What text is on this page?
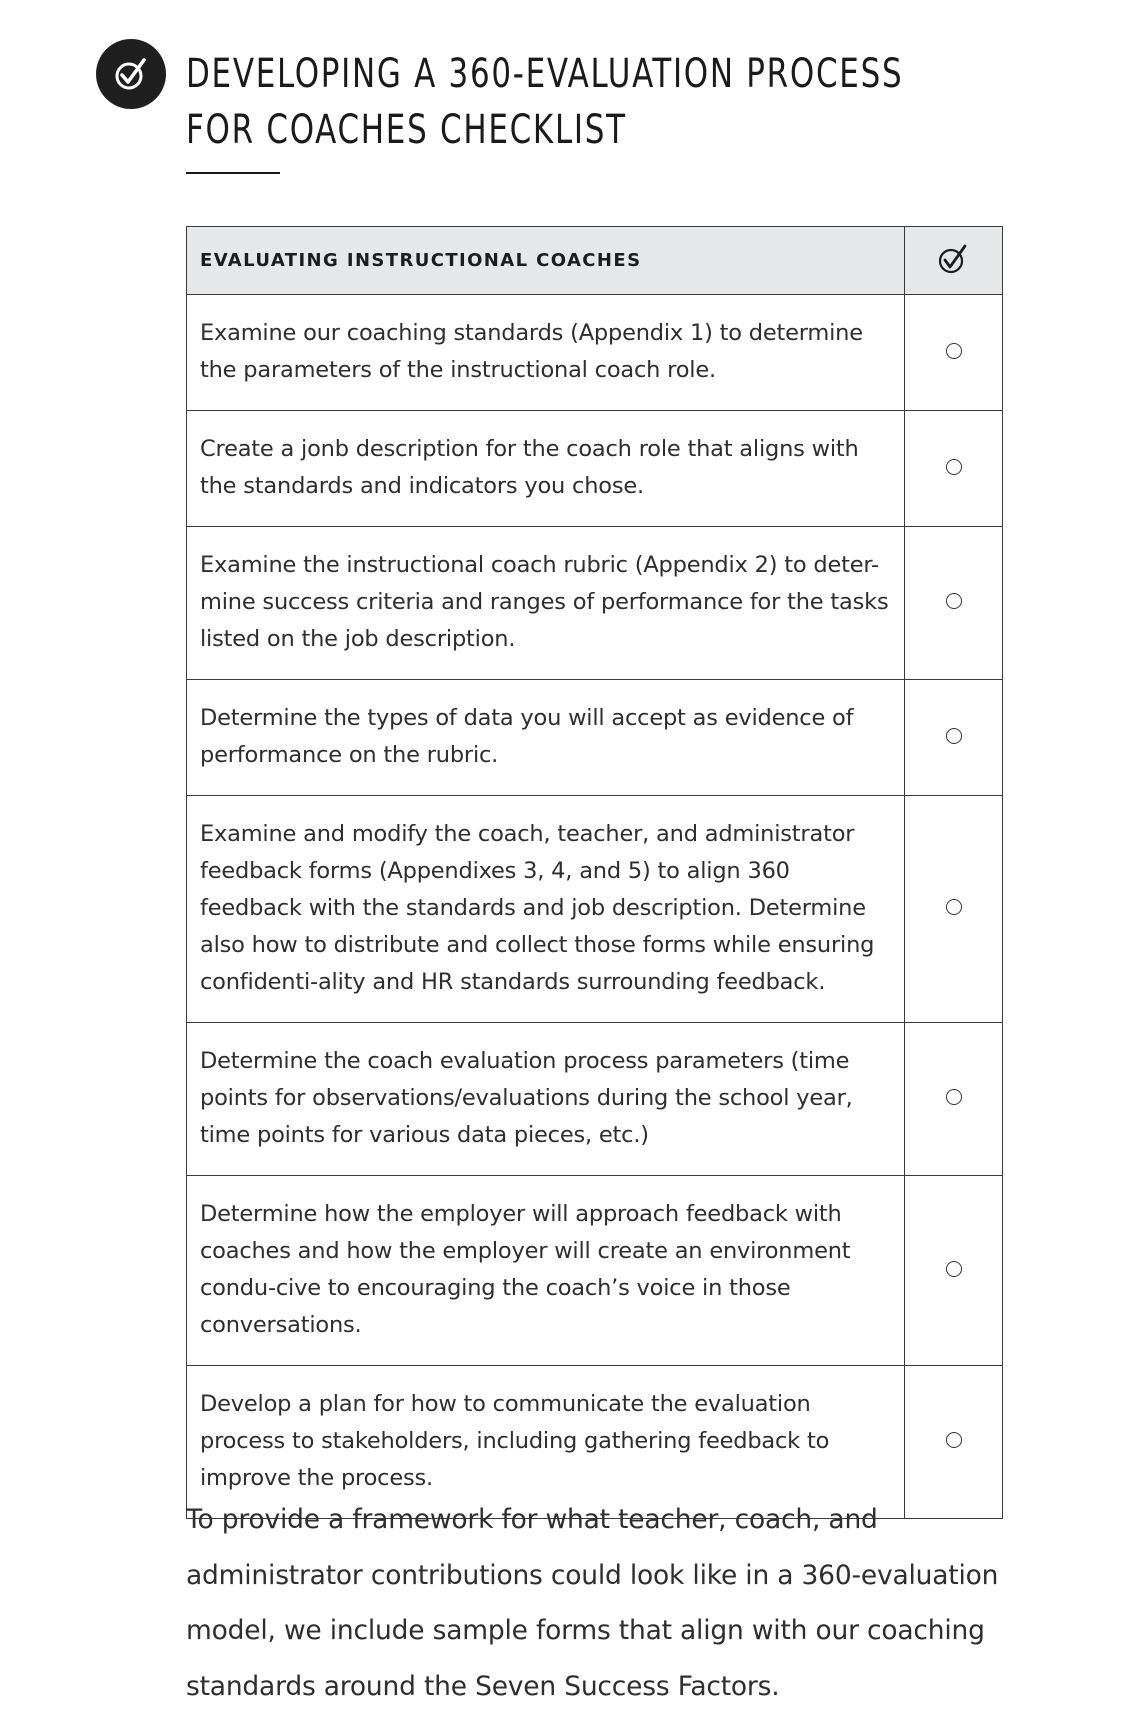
DEVELOPING A 360-EVALUATION PROCESS FOR COACHES CHECKLIST
EVALUATING INSTRUCTIONAL COACHES	
Examine our coaching standards (Appendix 1) to determine the parameters of the instructional coach role.	
Create a jonb description for the coach role that aligns with the standards and indicators you chose.	
Examine the instructional coach rubric (Appendix 2) to deter-mine success criteria and ranges of performance for the tasks listed on the job description.	
Determine the types of data you will accept as evidence of performance on the rubric.	
Examine and modify the coach, teacher, and administrator feedback forms (Appendixes 3, 4, and 5) to align 360 feedback with the standards and job description. Determine also how to distribute and collect those forms while ensuring confidenti-ality and HR standards surrounding feedback.	
Determine the coach evaluation process parameters (time points for observations/evaluations during the school year, time points for various data pieces, etc.)	
Determine how the employer will approach feedback with coaches and how the employer will create an environment condu-cive to encouraging the coach’s voice in those conversations.	
Develop a plan for how to communicate the evaluation process to stakeholders, including gathering feedback to improve the process.	

To provide a framework for what teacher, coach, and administrator contributions could look like in a 360-evaluation model, we include sample forms that align with our coaching standards around the Seven Success Factors.
